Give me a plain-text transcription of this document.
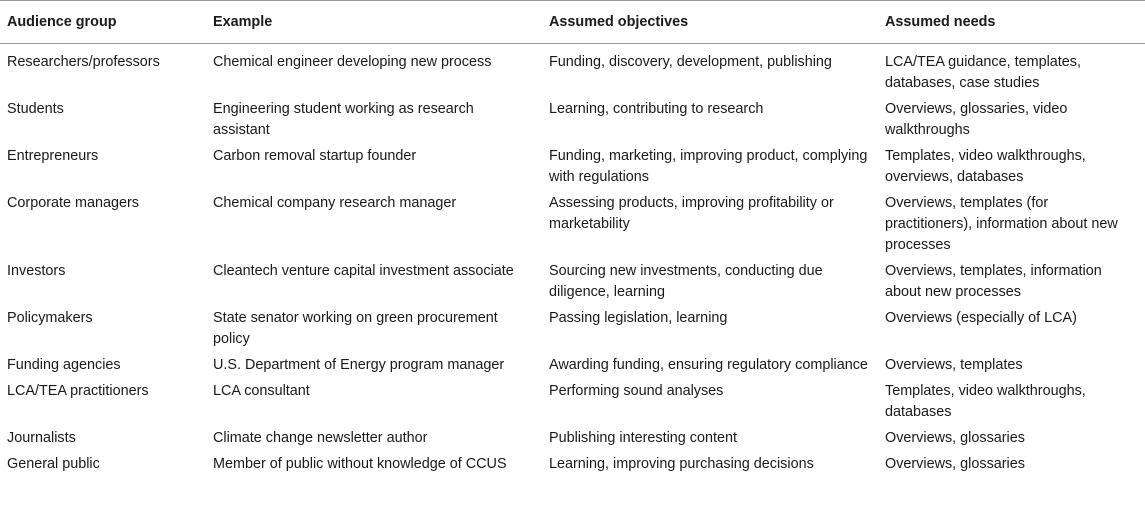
Audience group	Example	Assumed objectives	Assumed needs
Researchers/professors	Chemical engineer developing new process	Funding, discovery, development, publishing	LCA/TEA guidance, templates, databases, case studies
Students	Engineering student working as research assistant	Learning, contributing to research	Overviews, glossaries, video walkthroughs
Entrepreneurs	Carbon removal startup founder	Funding, marketing, improving product, complying with regulations	Templates, video walkthroughs, overviews, databases
Corporate managers	Chemical company research manager	Assessing products, improving profitability or marketability	Overviews, templates (for practitioners), information about new processes
Investors	Cleantech venture capital investment associate	Sourcing new investments, conducting due diligence, learning	Overviews, templates, information about new processes
Policymakers	State senator working on green procurement policy	Passing legislation, learning	Overviews (especially of LCA)
Funding agencies	U.S. Department of Energy program manager	Awarding funding, ensuring regulatory compliance	Overviews, templates
LCA/TEA practitioners	LCA consultant	Performing sound analyses	Templates, video walkthroughs, databases
Journalists	Climate change newsletter author	Publishing interesting content	Overviews, glossaries
General public	Member of public without knowledge of CCUS	Learning, improving purchasing decisions	Overviews, glossaries
